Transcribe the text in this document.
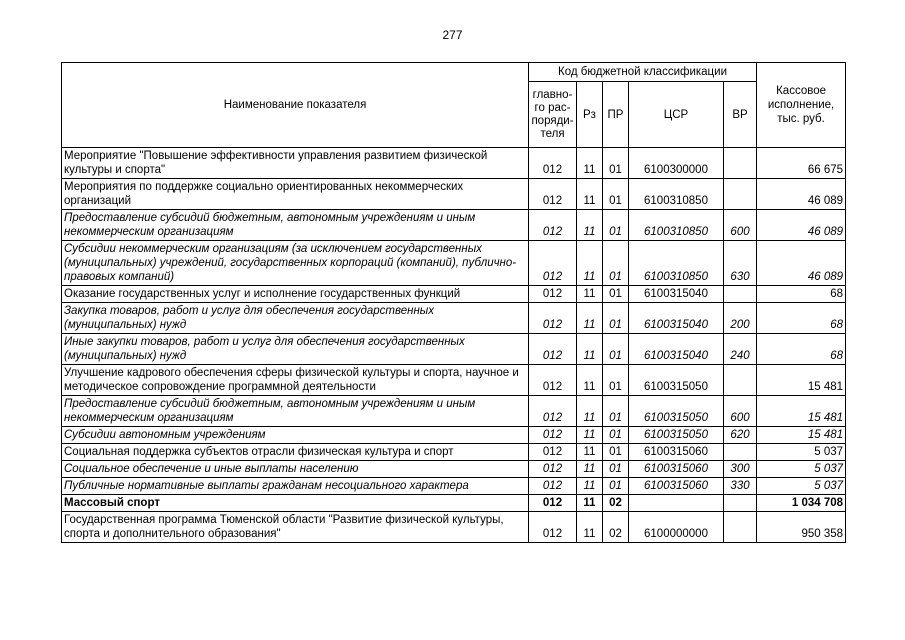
277
Наименование показателя	Код бюджетной классификации					Кассовое исполнение, тыс. руб.
	главно-го рас-поряди-теля	Рз	ПР	ЦСР	ВР	
Мероприятие "Повышение эффективности управления развитием физической культуры и спорта"	012	11	01	6100300000		66 675
Мероприятия по поддержке социально ориентированных некоммерческих организаций	012	11	01	6100310850		46 089
Предоставление субсидий бюджетным, автономным учреждениям и иным некоммерческим организациям	012	11	01	6100310850	600	46 089
Субсидии некоммерческим организациям (за исключением государственных (муниципальных) учреждений, государственных корпораций (компаний), публично-правовых компаний)	012	11	01	6100310850	630	46 089
Оказание государственных услуг и исполнение государственных функций	012	11	01	6100315040		68
Закупка товаров, работ и услуг для обеспечения государственных (муниципальных) нужд	012	11	01	6100315040	200	68
Иные закупки товаров, работ и услуг для обеспечения государственных (муниципальных) нужд	012	11	01	6100315040	240	68
Улучшение кадрового обеспечения сферы физической культуры и спорта, научное и методическое сопровождение программной деятельности	012	11	01	6100315050		15 481
Предоставление субсидий бюджетным, автономным учреждениям и иным некоммерческим организациям	012	11	01	6100315050	600	15 481
Субсидии автономным учреждениям	012	11	01	6100315050	620	15 481
Социальная поддержка субъектов отрасли физическая культура и спорт	012	11	01	6100315060		5 037
Социальное обеспечение и иные выплаты населению	012	11	01	6100315060	300	5 037
Публичные нормативные выплаты гражданам несоциального характера	012	11	01	6100315060	330	5 037
Массовый спорт	012	11	02			1 034 708
Государственная программа Тюменской области "Развитие физической культуры, спорта и дополнительного образования"	012	11	02	6100000000		950 358
